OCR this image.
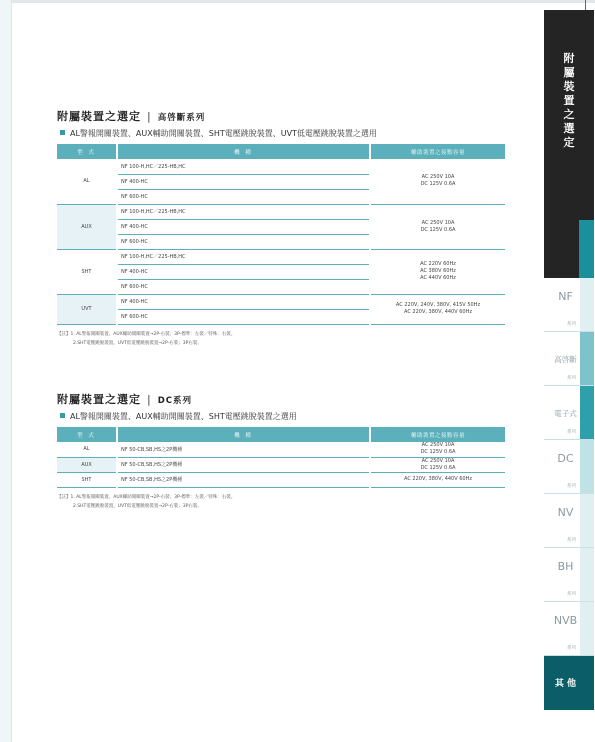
附屬裝置之選定 | 高啓斷系列
AL警報開關裝置、AUX輔助開關裝置、SHT電壓跳脫裝置、UVT低電壓跳脫裝置之選用
型 式	機 種	輔助裝置之接點容量
AL	NF 100-H,HC／225-HB,HC	AC 250V 10A
DC 125V 0.6A

	NF 400-HC	
	NF 600-HC	
AUX	NF 100-H,HC／225-HB,HC	AC 250V 10A
DC 125V 0.6A

	NF 400-HC	
	NF 600-HC	
SHT	NF 100-H,HC／225-HB,HC	AC 220V 60Hz
AC 380V 60Hz
AC 440V 60Hz

	NF 400-HC	
	NF 600-HC	
UVT	NF 400-HC	AC 220V, 240V, 380V, 415V 50Hz
AC 220V, 380V, 440V 60Hz

	NF 600-HC	
【註】1. AL警報開關裝置、AUX輔助開關裝置→2P-右裝；3P-標準：左裝／特殊：右裝。
2.SHT電壓跳脫裝置、UVT低電壓跳脫裝置→2P-右裝；3P右裝。
附屬裝置之選定 | DC系列
AL警報開關裝置、AUX輔助開關裝置、SHT電壓跳脫裝置之選用
型 式	機 種	輔助裝置之接點容量
AL	NF 50-CB,SB,HS之2P機種	AC 250V 10A
DC 125V 0.6A

AUX	NF 50-CB,SB,HS之2P機種	AC 250V 10A
DC 125V 0.6A

SHT	NF 50-CB,SB,HS之2P機種	AC 220V, 380V, 440V 60Hz
【註】1. AL警報開關裝置、AUX輔助開關裝置→2P-右裝；3P-標準：左裝／特殊：右裝。
2.SHT電壓跳脫裝置、UVT低電壓跳脫裝置→2P-右裝；3P右裝。
附
屬
裝
置
之
選
定
NF
系列
高啓斷
系列
電子式
系列
DC
系列
NV
系列
BH
系列
NVB
系列
其 他
